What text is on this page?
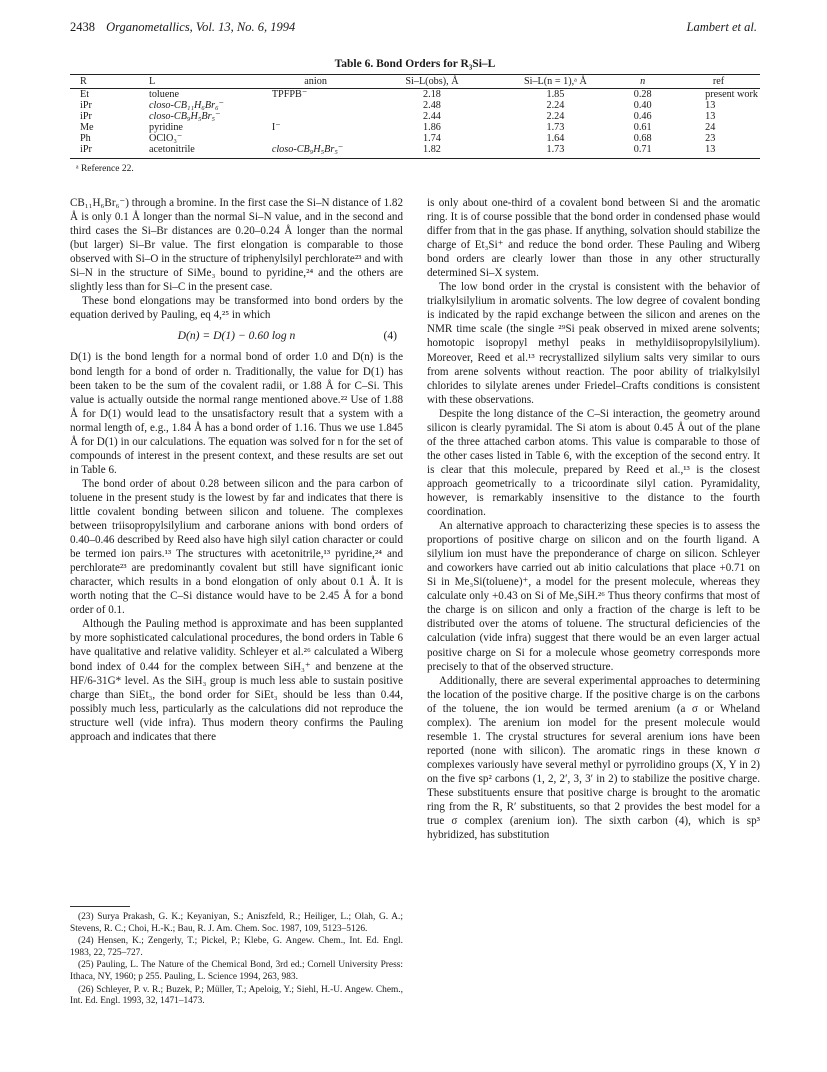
2438 Organometallics, Vol. 13, No. 6, 1994	Lambert et al.
Table 6. Bond Orders for R₃Si–L
R	L	anion	Si–L(obs), Å	Si–L(n = 1),ᵃ Å	n	ref
Et	toluene	TPFPB⁻	2.18	1.85	0.28	present work
iPr	closo-CB₁₁H₆Br₆⁻		2.48	2.24	0.40	13
iPr	closo-CB₉H₅Br₅⁻		2.44	2.24	0.46	13
Me	pyridine	I⁻	1.86	1.73	0.61	24
Ph	OClO₃⁻		1.74	1.64	0.68	23
iPr	acetonitrile	closo-CB₉H₅Br₅⁻	1.82	1.73	0.71	13
ᵃ Reference 22.

CB₁₁H₆Br₆⁻) through a bromine. In the first case the Si–N distance of 1.82 Å is only 0.1 Å longer than the normal Si–N value, and in the second and third cases the Si–Br distances are 0.20–0.24 Å longer than the normal (but larger) Si–Br value. The first elongation is comparable to those observed with Si–O in the structure of triphenylsilyl perchlorate²³ and with Si–N in the structure of SiMe₃ bound to pyridine,²⁴ and the others are slightly less than for Si–C in the present case.

These bond elongations may be transformed into bond orders by the equation derived by Pauling, eq 4,²⁵ in which

D(n) = D(1) − 0.60 log n	(4)

D(1) is the bond length for a normal bond of order 1.0 and D(n) is the bond length for a bond of order n. Traditionally, the value for D(1) has been taken to be the sum of the covalent radii, or 1.88 Å for C–Si. This value is actually outside the normal range mentioned above.²² Use of 1.88 Å for D(1) would lead to the unsatisfactory result that a system with a normal length of, e.g., 1.84 Å has a bond order of 1.16. Thus we use 1.845 Å for D(1) in our calculations. The equation was solved for n for the set of compounds of interest in the present context, and these results are set out in Table 6.

The bond order of about 0.28 between silicon and the para carbon of toluene in the present study is the lowest by far and indicates that there is little covalent bonding between silicon and toluene. The complexes between triisopropylsilylium and carborane anions with bond orders of 0.40–0.46 described by Reed also have high silyl cation character or could be termed ion pairs.¹³ The structures with acetonitrile,¹³ pyridine,²⁴ and perchlorate²³ are predominantly covalent but still have significant ionic character, which results in a bond elongation of only about 0.1 Å. It is worth noting that the C–Si distance would have to be 2.45 Å for a bond order of 0.1.

Although the Pauling method is approximate and has been supplanted by more sophisticated calculational procedures, the bond orders in Table 6 have qualitative and relative validity. Schleyer et al.²⁶ calculated a Wiberg bond index of 0.44 for the complex between SiH₃⁺ and benzene at the HF/6-31G* level. As the SiH₃ group is much less able to sustain positive charge than SiEt₃, the bond order for SiEt₃ should be less than 0.44, possibly much less, particularly as the calculations did not reproduce the structure well (vide infra). Thus modern theory confirms the Pauling approach and indicates that there

(23) Surya Prakash, G. K.; Keyaniyan, S.; Aniszfeld, R.; Heiliger, L.; Olah, G. A.; Stevens, R. C.; Choi, H.-K.; Bau, R. J. Am. Chem. Soc. 1987, 109, 5123–5126.

(24) Hensen, K.; Zengerly, T.; Pickel, P.; Klebe, G. Angew. Chem., Int. Ed. Engl. 1983, 22, 725–727.

(25) Pauling, L. The Nature of the Chemical Bond, 3rd ed.; Cornell University Press: Ithaca, NY, 1960; p 255. Pauling, L. Science 1994, 263, 983.

(26) Schleyer, P. v. R.; Buzek, P.; Müller, T.; Apeloig, Y.; Siehl, H.-U. Angew. Chem., Int. Ed. Engl. 1993, 32, 1471–1473.

is only about one-third of a covalent bond between Si and the aromatic ring. It is of course possible that the bond order in condensed phase would differ from that in the gas phase. If anything, solvation should stabilize the charge of Et₃Si⁺ and reduce the bond order. These Pauling and Wiberg bond orders are clearly lower than those in any other structurally determined Si–X system.

The low bond order in the crystal is consistent with the behavior of trialkylsilylium in aromatic solvents. The low degree of covalent bonding is indicated by the rapid exchange between the silicon and arenes on the NMR time scale (the single ²⁹Si peak observed in mixed arene solvents; homotopic isopropyl methyl peaks in methyldiisopropylsilylium). Moreover, Reed et al.¹³ recrystallized silylium salts very similar to ours from arene solvents without reaction. The poor ability of trialkylsilyl chlorides to silylate arenes under Friedel–Crafts conditions is consistent with these observations.

Despite the long distance of the C–Si interaction, the geometry around silicon is clearly pyramidal. The Si atom is about 0.45 Å out of the plane of the three attached carbon atoms. This value is comparable to those of the other cases listed in Table 6, with the exception of the second entry. It is clear that this molecule, prepared by Reed et al.,¹³ is the closest approach geometrically to a tricoordinate silyl cation. Pyramidality, however, is remarkably insensitive to the distance to the fourth coordination.

An alternative approach to characterizing these species is to assess the proportions of positive charge on silicon and on the fourth ligand. A silylium ion must have the preponderance of charge on silicon. Schleyer and coworkers have carried out ab initio calculations that place +0.71 on Si in Me₃Si(toluene)⁺, a model for the present molecule, whereas they calculate only +0.43 on Si of Me₃SiH.²⁶ Thus theory confirms that most of the charge is on silicon and only a fraction of the charge is left to be distributed over the atoms of toluene. The structural deficiencies of the calculation (vide infra) suggest that there would be an even larger actual positive charge on Si for a molecule whose geometry corresponds more precisely to that of the observed structure.

Additionally, there are several experimental approaches to determining the location of the positive charge. If the positive charge is on the carbons of the toluene, the ion would be termed arenium (a σ or Wheland complex). The arenium ion model for the present molecule would resemble 1. The crystal structures for several arenium ions have been reported (none with silicon). The aromatic rings in these known σ complexes variously have several methyl or pyrrolidino groups (X, Y in 2) on the five sp² carbons (1, 2, 2′, 3, 3′ in 2) to stabilize the positive charge. These substituents ensure that positive charge is brought to the aromatic ring from the R, R′ substituents, so that 2 provides the best model for a true σ complex (arenium ion). The sixth carbon (4), which is sp³ hybridized, has substitution
